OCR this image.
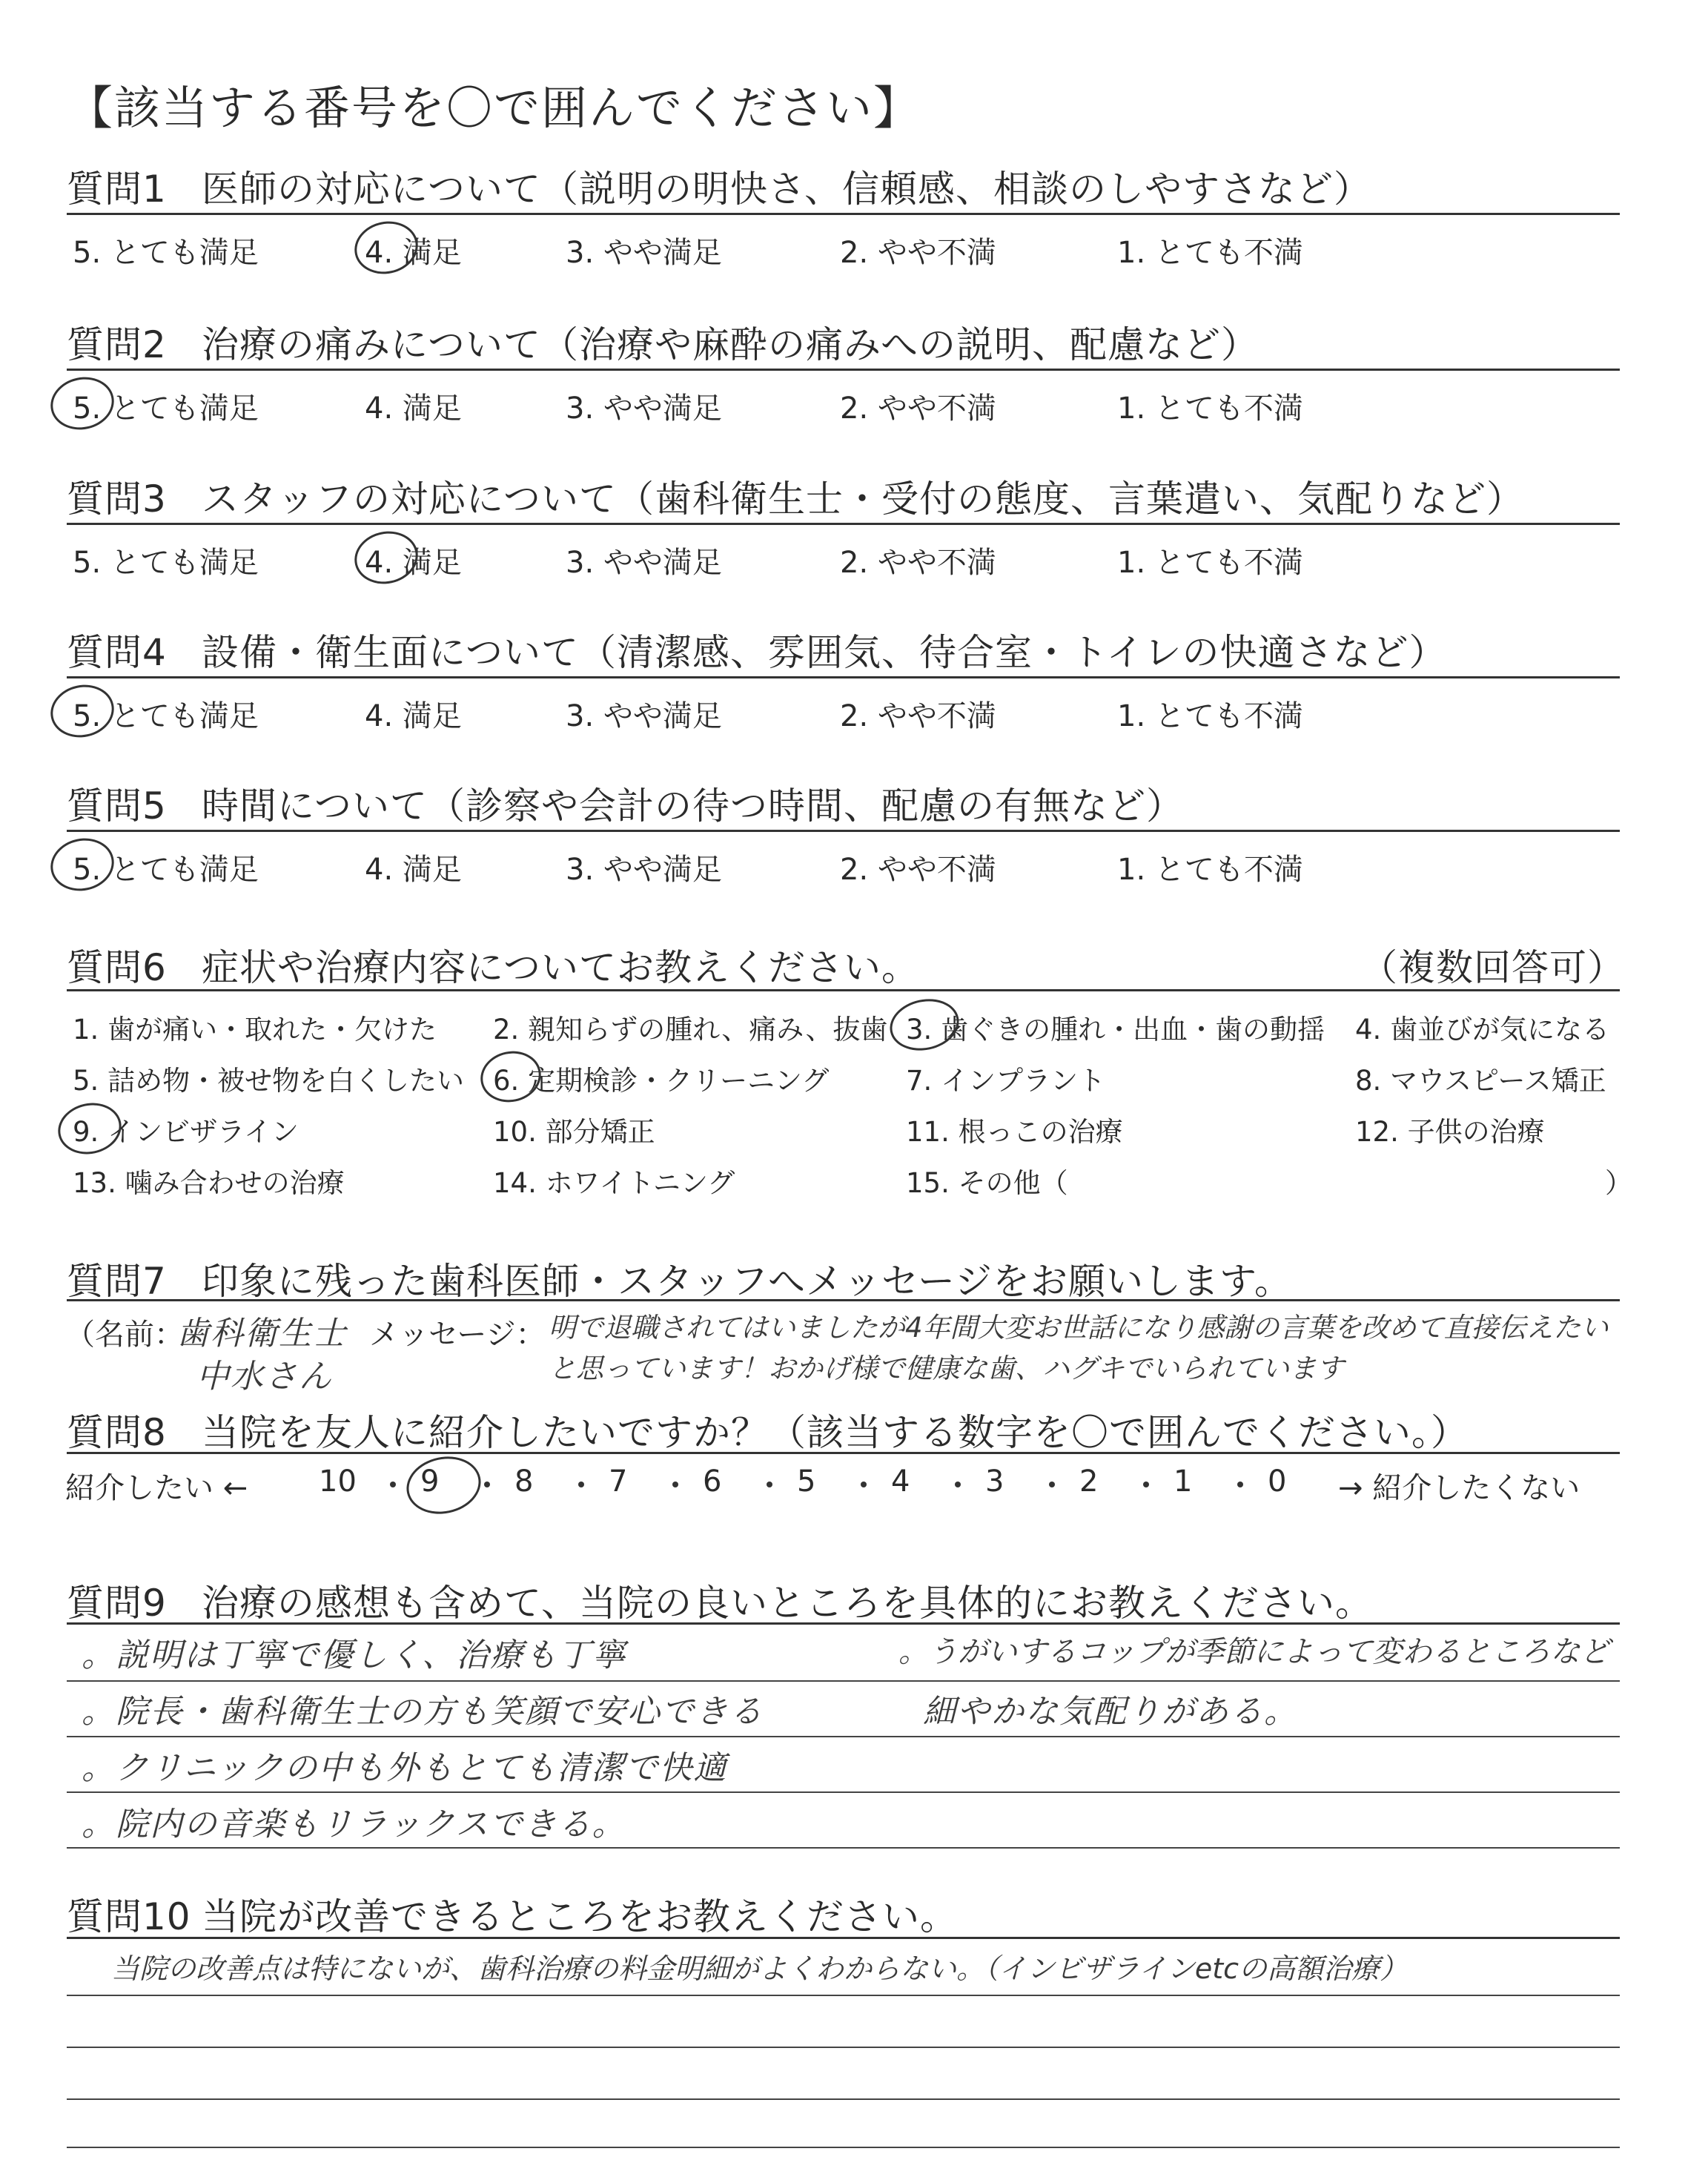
【該当する番号を〇で囲んでください】
質問1 医師の対応について（説明の明快さ、信頼感、相談のしやすさなど）
5. とても満足	4. 満足	3. やや満足	2. やや不満	1. とても不満
質問2 治療の痛みについて（治療や麻酔の痛みへの説明、配慮など）
5. とても満足	4. 満足	3. やや満足	2. やや不満	1. とても不満
質問3 スタッフの対応について（歯科衛生士・受付の態度、言葉遣い、気配りなど）
5. とても満足	4. 満足	3. やや満足	2. やや不満	1. とても不満
質問4 設備・衛生面について（清潔感、雰囲気、待合室・トイレの快適さなど）
5. とても満足	4. 満足	3. やや満足	2. やや不満	1. とても不満
質問5 時間について（診察や会計の待つ時間、配慮の有無など）
5. とても満足	4. 満足	3. やや満足	2. やや不満	1. とても不満
質問6 症状や治療内容についてお教えください。	（複数回答可）
1. 歯が痛い・取れた・欠けた 2. 親知らずの腫れ、痛み、抜歯 3. 歯ぐきの腫れ・出血・歯の動揺 4. 歯並びが気になる
5. 詰め物・被せ物を白くしたい 6. 定期検診・クリーニング	7. インプラント	8. マウスピース矯正
9. インビザライン	10. 部分矯正	11. 根っこの治療	12. 子供の治療
13. 噛み合わせの治療	14. ホワイトニング	15. その他（	）
質問7 印象に残った歯科医師・スタッフへメッセージをお願いします。
（名前：
歯科衛生士
中水さん
メッセージ： 明で退職されてはいましたが4年間大変お世話になり感謝の言葉を改めて直接伝えたい
と思っています！おかげ様で健康な歯、ハグキでいられています
質問8 当院を友人に紹介したいですか？（該当する数字を〇で囲んでください。）
紹介したい ← 10 9	8	7	6	5	4	3	2	1	0 → 紹介したくない
質問9 治療の感想も含めて、当院の良いところを具体的にお教えください。
。説明は丁寧で優しく、治療も丁寧
。院長・歯科衛生士の方も笑顔で安心できる
。クリニックの中も外もとても清潔で快適
。院内の音楽もリラックスできる。
。うがいするコップが季節によって変わるところなど
細やかな気配りがある。
質問10 当院が改善できるところをお教えください。
当院の改善点は特にないが、歯科治療の料金明細がよくわからない。（インビザラインetcの高額治療）
